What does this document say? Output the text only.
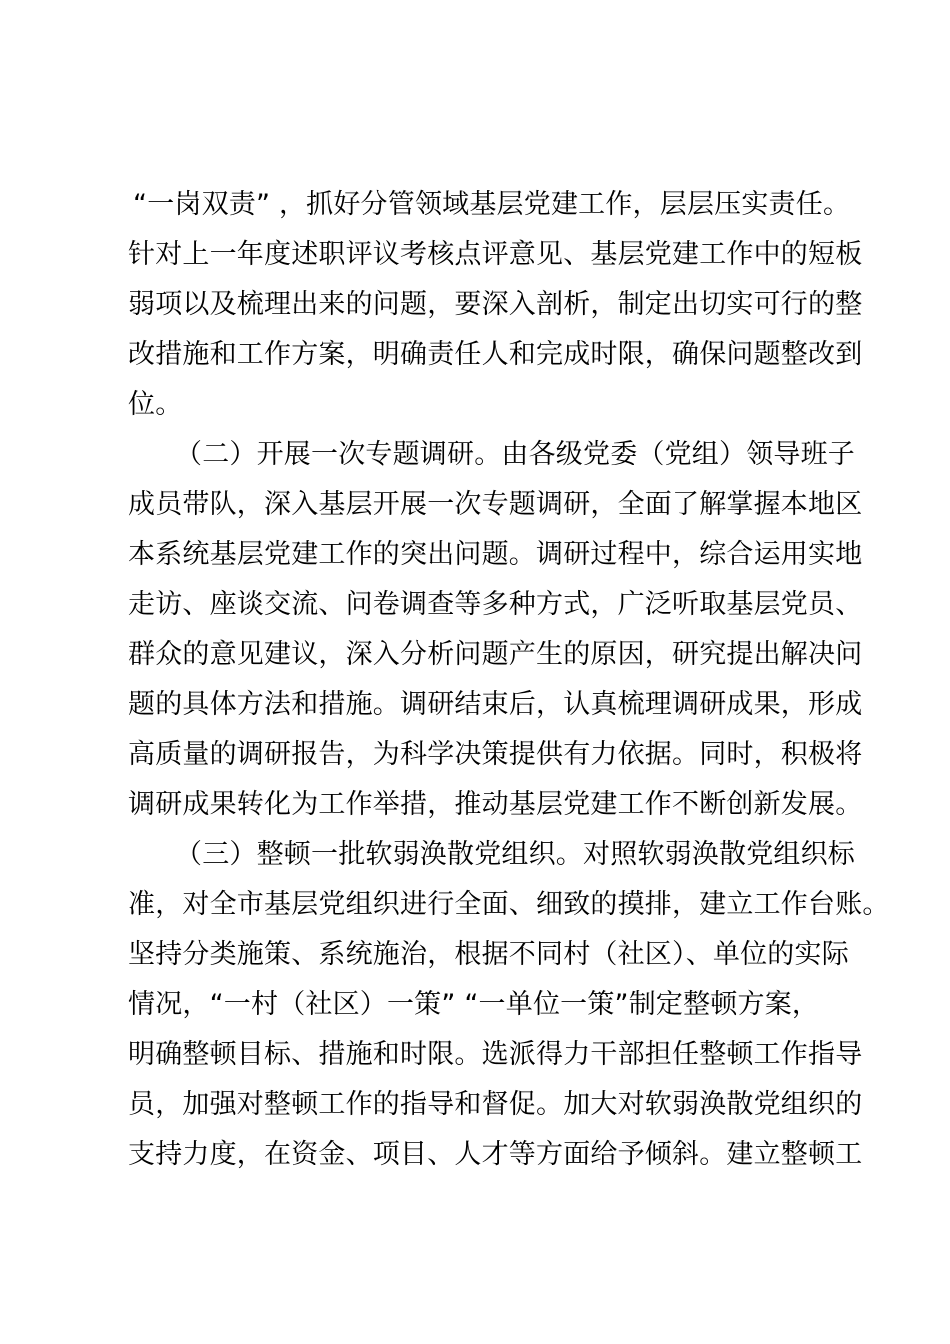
“一岗双责” ，抓好分管领域基层党建工作，层层压实责任。
针对上一年度述职评议考核点评意见、基层党建工作中的短板
弱项以及梳理出来的问题，要深入剖析，制定出切实可行的整
改措施和工作方案，明确责任人和完成时限，确保问题整改到
位。
（二）开展一次专题调研。由各级党委（党组）领导班子
成员带队，深入基层开展一次专题调研，全面了解掌握本地区
本系统基层党建工作的突出问题。调研过程中，综合运用实地
走访、座谈交流、问卷调查等多种方式，广泛听取基层党员、
群众的意见建议，深入分析问题产生的原因，研究提出解决问
题的具体方法和措施。调研结束后，认真梳理调研成果，形成
高质量的调研报告，为科学决策提供有力依据。同时，积极将
调研成果转化为工作举措，推动基层党建工作不断创新发展。
（三）整顿一批软弱涣散党组织。对照软弱涣散党组织标
准，对全市基层党组织进行全面、细致的摸排，建立工作台账。
坚持分类施策、系统施治，根据不同村（社区）、单位的实际
情况，“一村（社区）一策” “一单位一策”制定整顿方案，
明确整顿目标、措施和时限。选派得力干部担任整顿工作指导
员，加强对整顿工作的指导和督促。加大对软弱涣散党组织的
支持力度，在资金、项目、人才等方面给予倾斜。建立整顿工
